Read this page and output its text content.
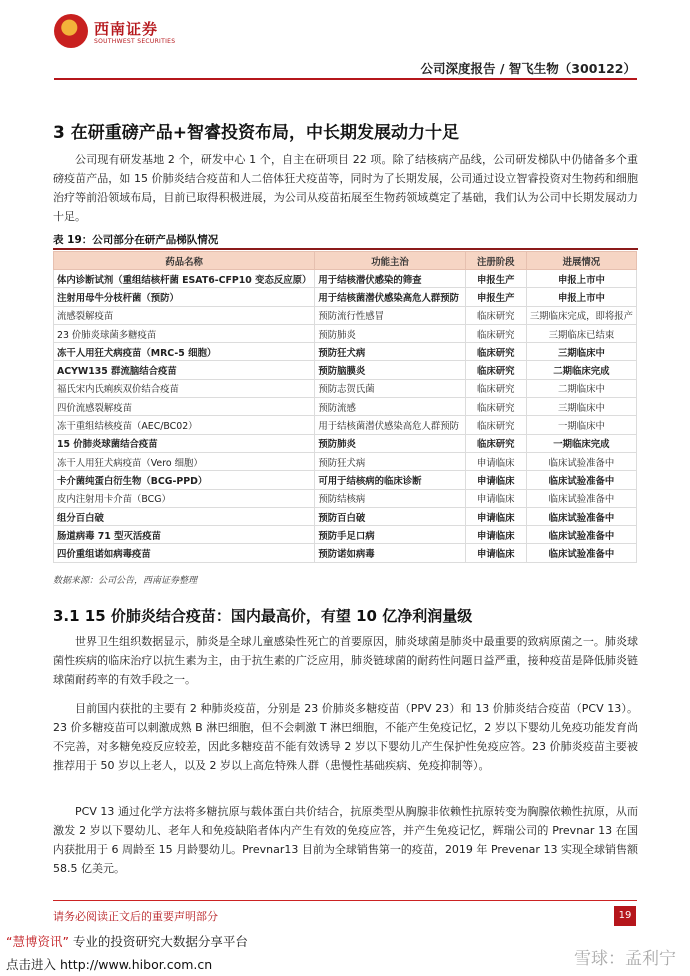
西南证券
SOUTHWEST SECURITIES
公司深度报告 / 智飞生物（300122）
3 在研重磅产品+智睿投资布局，中长期发展动力十足

公司现有研发基地 2 个，研发中心 1 个，自主在研项目 22 项。除了结核病产品线，公司研发梯队中仍储备多个重磅疫苗产品，如 15 价肺炎结合疫苗和人二倍体狂犬疫苗等，同时为了长期发展，公司通过设立智睿投资对生物药和细胞治疗等前沿领域布局，目前已取得积极进展，为公司从疫苗拓展至生物药领域奠定了基础，我们认为公司中长期发展动力十足。

表 19：公司部分在研产品梯队情况
药品名称	功能主治	注册阶段	进展情况
体内诊断试剂（重组结核杆菌 ESAT6-CFP10 变态反应原）	用于结核潜伏感染的筛查	申报生产	申报上市中
注射用母牛分枝杆菌（预防）	用于结核菌潜伏感染高危人群预防	申报生产	申报上市中
流感裂解疫苗	预防流行性感冒	临床研究	三期临床完成，即将报产
23 价肺炎球菌多糖疫苗	预防肺炎	临床研究	三期临床已结束
冻干人用狂犬病疫苗（MRC-5 细胞）	预防狂犬病	临床研究	三期临床中
ACYW135 群流脑结合疫苗	预防脑膜炎	临床研究	二期临床完成
福氏宋内氏痢疾双价结合疫苗	预防志贺氏菌	临床研究	二期临床中
四价流感裂解疫苗	预防流感	临床研究	三期临床中
冻干重组结核疫苗（AEC/BC02）	用于结核菌潜伏感染高危人群预防	临床研究	一期临床中
15 价肺炎球菌结合疫苗	预防肺炎	临床研究	一期临床完成
冻干人用狂犬病疫苗（Vero 细胞）	预防狂犬病	申请临床	临床试验准备中
卡介菌纯蛋白衍生物（BCG-PPD）	可用于结核病的临床诊断	申请临床	临床试验准备中
皮内注射用卡介苗（BCG）	预防结核病	申请临床	临床试验准备中
组分百白破	预防百白破	申请临床	临床试验准备中
肠道病毒 71 型灭活疫苗	预防手足口病	申请临床	临床试验准备中
四价重组诺如病毒疫苗	预防诺如病毒	申请临床	临床试验准备中
数据来源：公司公告，西南证券整理
3.1 15 价肺炎结合疫苗：国内最高价，有望 10 亿净利润量级

世界卫生组织数据显示，肺炎是全球儿童感染性死亡的首要原因，肺炎球菌是肺炎中最重要的致病原菌之一。肺炎球菌性疾病的临床治疗以抗生素为主，由于抗生素的广泛应用，肺炎链球菌的耐药性问题日益严重，接种疫苗是降低肺炎链球菌耐药率的有效手段之一。

目前国内获批的主要有 2 种肺炎疫苗，分别是 23 价肺炎多糖疫苗（PPV 23）和 13 价肺炎结合疫苗（PCV 13）。23 价多糖疫苗可以刺激成熟 B 淋巴细胞，但不会刺激 T 淋巴细胞，不能产生免疫记忆，2 岁以下婴幼儿免疫功能发育尚不完善，对多糖免疫反应较差，因此多糖疫苗不能有效诱导 2 岁以下婴幼儿产生保护性免疫应答。23 价肺炎疫苗主要被推荐用于 50 岁以上老人，以及 2 岁以上高危特殊人群（患慢性基础疾病、免疫抑制等）。

PCV 13 通过化学方法将多糖抗原与载体蛋白共价结合，抗原类型从胸腺非依赖性抗原转变为胸腺依赖性抗原，从而激发 2 岁以下婴幼儿、老年人和免疫缺陷者体内产生有效的免疫应答，并产生免疫记忆，辉瑞公司的 Prevnar 13 在国内获批用于 6 周龄至 15 月龄婴幼儿。Prevnar13 目前为全球销售第一的疫苗，2019 年 Prevenar 13 实现全球销售额 58.5 亿美元。

请务必阅读正文后的重要声明部分	19
“慧博资讯” 专业的投资研究大数据分享平台
点击进入 http://www.hibor.com.cn	雪球：孟利宁
